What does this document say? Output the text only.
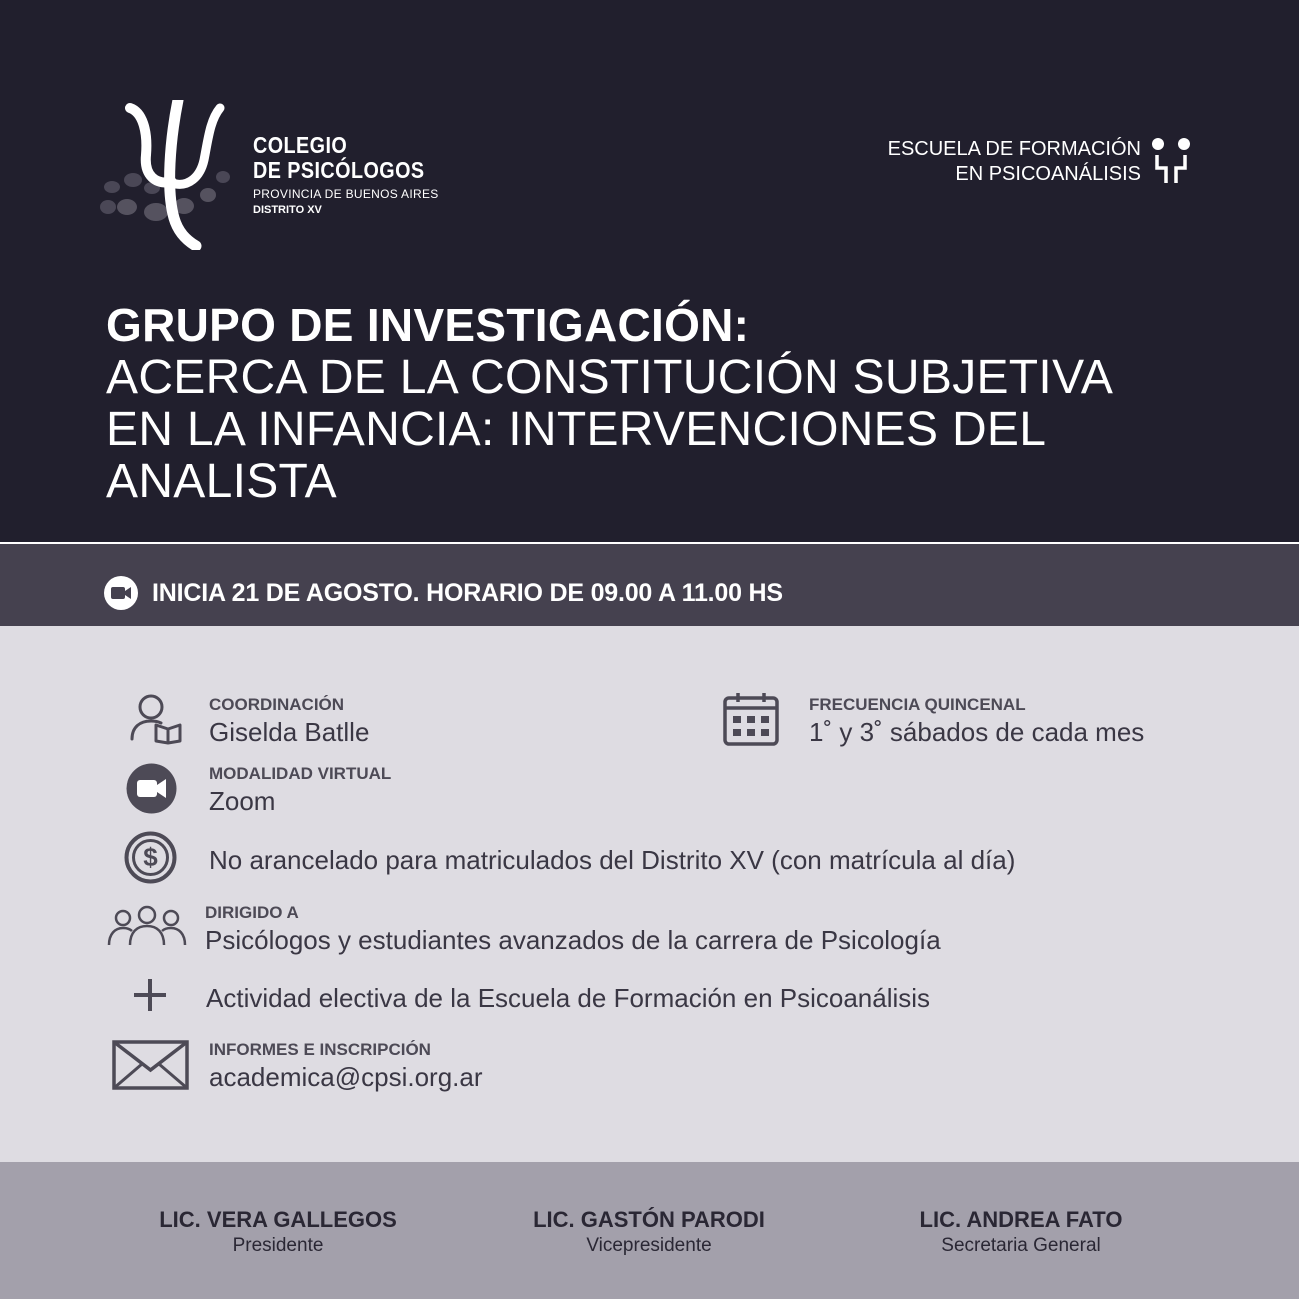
COLEGIO
DE PSICÓLOGOS
PROVINCIA DE BUENOS AIRES
DISTRITO XV
ESCUELA DE FORMACIÓN
EN PSICOANÁLISIS
GRUPO DE INVESTIGACIÓN:
ACERCA DE LA CONSTITUCIÓN SUBJETIVA
EN LA INFANCIA: INTERVENCIONES DEL
ANALISTA
INICIA 21 DE AGOSTO. HORARIO DE 09.00 A 11.00 HS
COORDINACIÓN
Giselda Batlle
FRECUENCIA QUINCENAL
1˚ y 3˚ sábados de cada mes
MODALIDAD VIRTUAL
Zoom
$ No arancelado para matriculados del Distrito XV (con matrícula al día)
DIRIGIDO A
Psicólogos y estudiantes avanzados de la carrera de Psicología
Actividad electiva de la Escuela de Formación en Psicoanálisis
INFORMES E INSCRIPCIÓN
academica@cpsi.org.ar
LIC. VERA GALLEGOS
Presidente
LIC. GASTÓN PARODI
Vicepresidente
LIC. ANDREA FATO
Secretaria General
